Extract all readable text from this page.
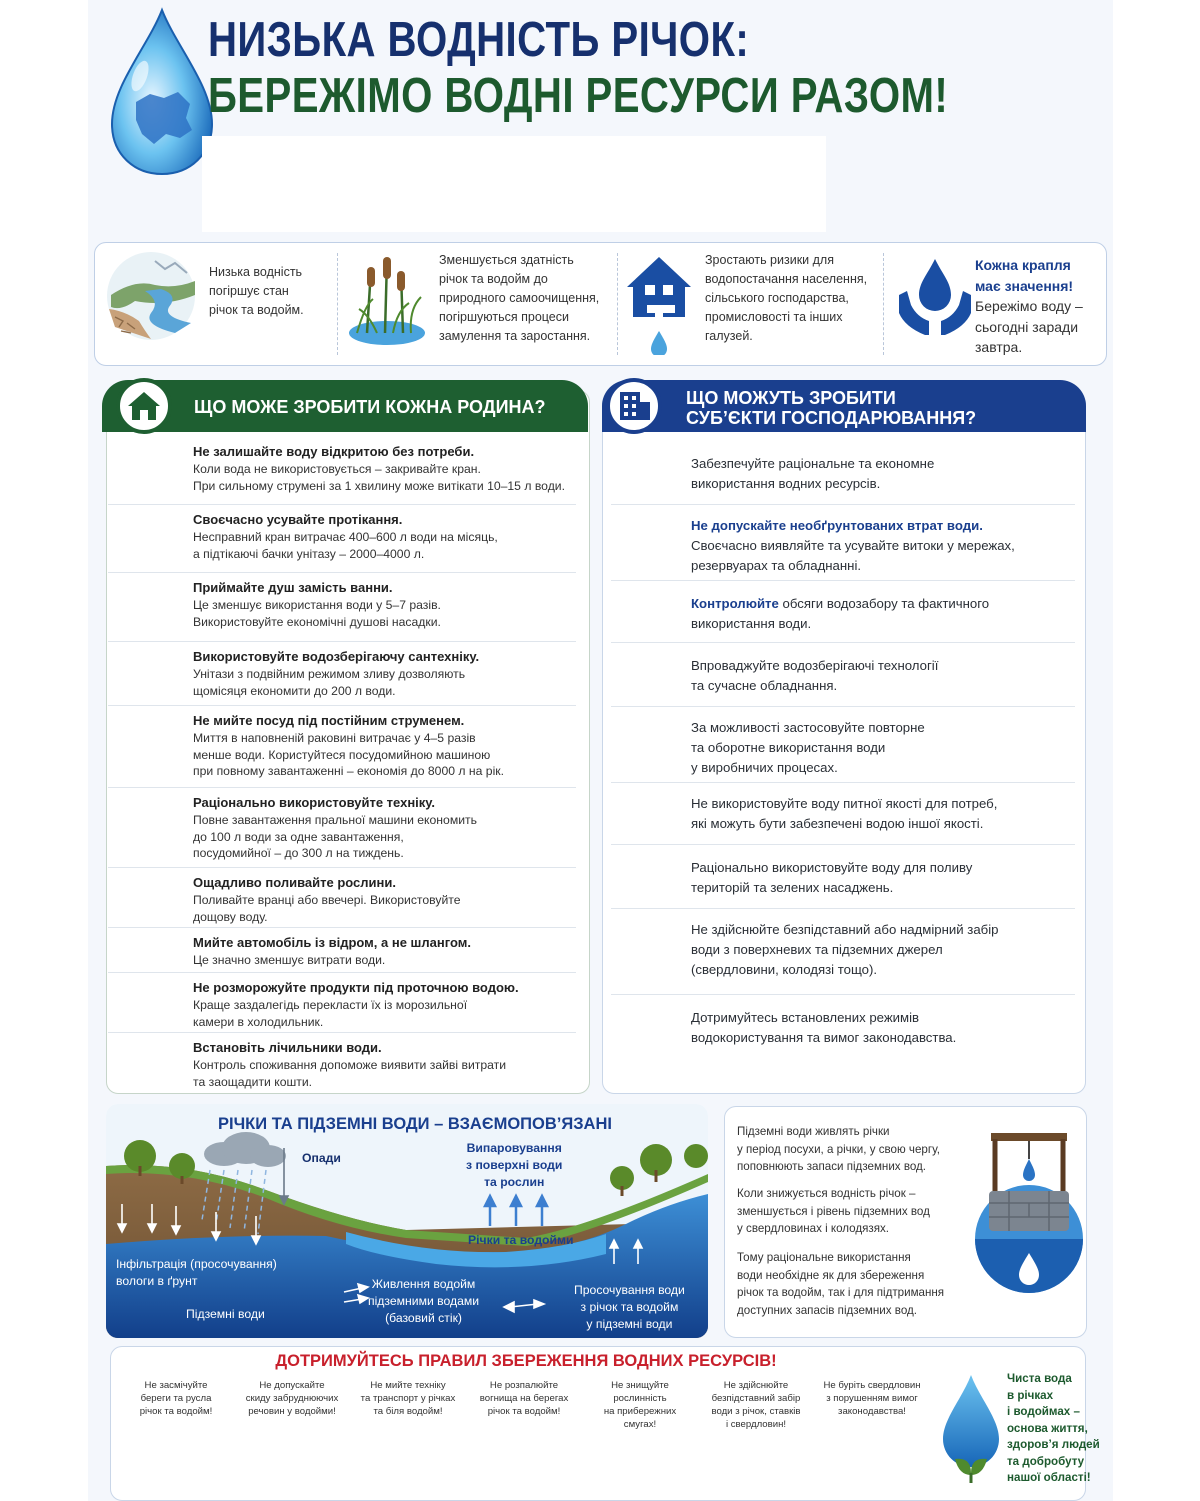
НИЗЬКА ВОДНІСТЬ РІЧОК:
БЕРЕЖІМО ВОДНІ РЕСУРСИ РАЗОМ!
Низька водність
погіршує стан
річок та водойм.
Зменшується здатність
річок та водойм до
природного самоочищення,
погіршуються процеси
замулення та заростання.
Зростають ризики для
водопостачання населення,
сільського господарства,
промисловості та інших
галузей.
Кожна крапля
має значення!
Бережімо воду –
сьогодні заради
завтра.
ЩО МОЖЕ ЗРОБИТИ КОЖНА РОДИНА?
Не залишайте воду відкритою без потреби.
Коли вода не використовується – закривайте кран.
При сильному струмені за 1 хвилину може витікати 10–15 л води.
Своєчасно усувайте протікання.
Несправний кран витрачає 400–600 л води на місяць,
а підтікаючі бачки унітазу – 2000–4000 л.
Приймайте душ замість ванни.
Це зменшує використання води у 5–7 разів.
Використовуйте економічні душові насадки.
Використовуйте водозберігаючу сантехніку.
Унітази з подвійним режимом зливу дозволяють
щомісяця економити до 200 л води.
Не мийте посуд під постійним струменем.
Миття в наповненій раковині витрачає у 4–5 разів
менше води. Користуйтеся посудомийною машиною
при повному завантаженні – економія до 8000 л на рік.
Раціонально використовуйте техніку.
Повне завантаження пральної машини економить
до 100 л води за одне завантаження,
посудомийної – до 300 л на тиждень.
Ощадливо поливайте рослини.
Поливайте вранці або ввечері. Використовуйте
дощову воду.
Мийте автомобіль із відром, а не шлангом.
Це значно зменшує витрати води.
Не розморожуйте продукти під проточною водою.
Краще заздалегідь перекласти їх із морозильної
камери в холодильник.
Встановіть лічильники води.
Контроль споживання допоможе виявити зайві витрати
та заощадити кошти.
ЩО МОЖУТЬ ЗРОБИТИ
СУБ’ЄКТИ ГОСПОДАРЮВАННЯ?
Забезпечуйте раціональне та економне
використання водних ресурсів.
Не допускайте необґрунтованих втрат води.
Своєчасно виявляйте та усувайте витоки у мережах,
резервуарах та обладнанні.
Контролюйте обсяги водозабору та фактичного
використання води.
Впроваджуйте водозберігаючі технології
та сучасне обладнання.
За можливості застосовуйте повторне
та оборотне використання води
у виробничих процесах.
Не використовуйте воду питної якості для потреб,
які можуть бути забезпечені водою іншої якості.
Раціонально використовуйте воду для поливу
територій та зелених насаджень.
Не здійснюйте безпідставний або надмірний забір
води з поверхневих та підземних джерел
(свердловини, колодязі тощо).
Дотримуйтесь встановлених режимів
водокористування та вимог законодавства.
РІЧКИ ТА ПІДЗЕМНІ ВОДИ – ВЗАЄМОПОВ’ЯЗАНІ
Опади
Випаровування
з поверхні води
та рослин
Річки та водойми
Інфільтрація (просочування)
вологи в ґрунт
Підземні води
Живлення водойм
підземними водами
(базовий стік)
Просочування води
з річок та водойм
у підземні води
Підземні води живлять річки
у період посухи, а річки, у свою чергу,
поповнюють запаси підземних вод.
Коли знижується водність річок –
зменшується і рівень підземних вод
у свердловинах і колодязях.
Тому раціональне використання
води необхідне як для збереження
річок та водойм, так і для підтримання
доступних запасів підземних вод.
ДОТРИМУЙТЕСЬ ПРАВИЛ ЗБЕРЕЖЕННЯ ВОДНИХ РЕСУРСІВ!
Не засмічуйте
береги та русла
річок та водойм!
Не допускайте
скиду забруднюючих
речовин у водойми!
Не мийте техніку
та транспорт у річках
та біля водойм!
Не розпалюйте
вогнища на берегах
річок та водойм!
Не знищуйте
рослинність
на прибережних
смугах!
Не здійснюйте
безпідставний забір
води з річок, ставків
і свердловин!
Не буріть свердловин
з порушенням вимог
законодавства!
Чиста вода
в річках
і водоймах –
основа життя,
здоров’я людей
та добробуту
нашої області!
